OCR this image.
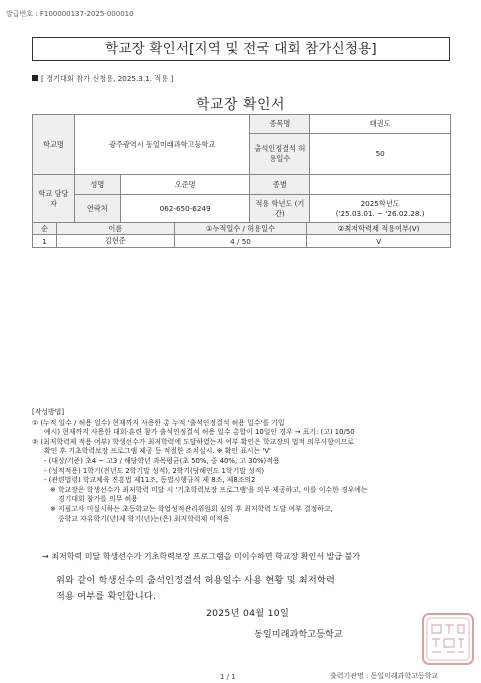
발급번호 : F100000137-2025-000010
학교장 확인서[지역 및 전국 대회 참가신청용]
[ 경기대회 참가 신청용, 2025.3.1. 적용 ]
학교장 확인서
학교명	광주광역시 동일미래과학고등학교		종목명	태권도
			출석인정결석 허용일수	50

학교 담당자	성명	오준명	종별	
	연락처	062-650-6249	적용 학년도 (기간)	2025학년도
('25.03.01. ~ '26.02.28.)
순	이름	①누적일수 / 허용일수	②최저학력제 적용여부(V)
1	김현준	4 / 50	V
[작성방법]
① (누적 일수 / 허용 일수) 현재까지 사용한 총 누적 '출석인정결석 허용 일수'를 기입
예시) 현재까지 사용한 대회·훈련 참가 출석인정결석 허용 일수 총합이 10일인 경우 → 표기: (고) 10/50
② (최저학력제 적용 여부) 학생선수가 최저학력에 도달하였는지 여부 확인은 학교장의 법적 의무사항이므로
확인 후 기초학력보장 프로그램 제공 등 적절한 조치실시. ※ 확인 표시는 'V'
- (대상/기준) 초4 ~ 고3 / 해당학년 과목평균(초 50%, 중 40%, 고 30%)적용
- (성적적용) 1학기(전년도 2학기말 성적), 2학기(당해연도 1학기말 성적)
- (관련법령) 학교체육 진흥법 제11조, 동법시행규칙 제 8조, 제8조의2
※ 학교장은 학생선수가 최저학력 미달 시 '기초학력보장 프로그램'을 의무 제공하고, 이를 이수한 경우에는
경기대회 참가를 의무 허용
※ 지필고사 미실시하는 초등학교는 학업성적관리위원회 심의 후 최저학력 도달 여부 결정하고,
중학교 자유학기(년)제 학기(년)는(은) 최저학력제 미적용
→ 최저학력 미달 학생선수가 기초학력보장 프로그램을 미이수하면 학교장 확인서 발급 불가
위와 같이 학생선수의 출석인정결석 허용일수 사용 현황 및 최저학력
적용 여부를 확인합니다.
2025년 04월 10일
동일미래과학고등학교
1 / 1	출력기관명 : 동일미래과학고등학교
